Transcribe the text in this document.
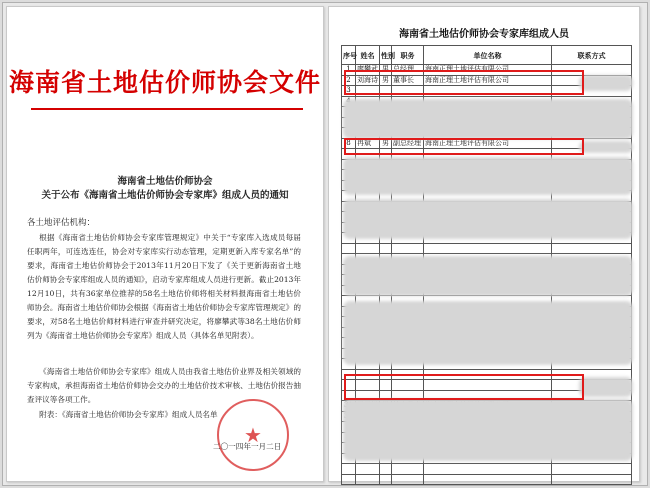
海南省土地估价师协会文件
海南省土地估价师协会
关于公布《海南省土地估价师协会专家库》组成人员的通知
各土地评估机构：
根据《海南省土地估价师协会专家库管理规定》中关于“专家库入选成员每届任职两年，可连选连任，协会对专家库实行动态管理，定期更新入库专家名单”的要求，海南省土地估价师协会于2013年11月20日下发了《关于更新海南省土地估价师协会专家库组成人员的通知》，启动专家库组成人员进行更新。截止2013年12月10日，共有36家单位推荐的58名土地估价师将相关材料报海南省土地估价师协会。海南省土地估价师协会根据《海南省土地估价师协会专家库管理规定》的要求，对58名土地估价师材料进行审查并研究决定，将廖攀武等38名土地估价师列为《海南省土地估价师协会专家库》组成人员（具体名单见附表）。
《海南省土地估价师协会专家库》组成人员由我省土地估价业界及相关领域的专家构成，承担海南省土地估价师协会交办的土地估价技术审核、土地估价报告抽查评议等各项工作。
附表：《海南省土地估价师协会专家库》组成人员名单
★
二〇一四年一月二日
海南省土地估价师协会专家库组成人员
序号	姓名	性别	职务	单位名称	联系方式
1	廖攀武	男	总经理	海南正理土地评估有限公司	
2	刘海诗	男	董事长	海南正理土地评估有限公司	
3					

8	冉斌	男	副总经理	海南正理土地评估有限公司	
